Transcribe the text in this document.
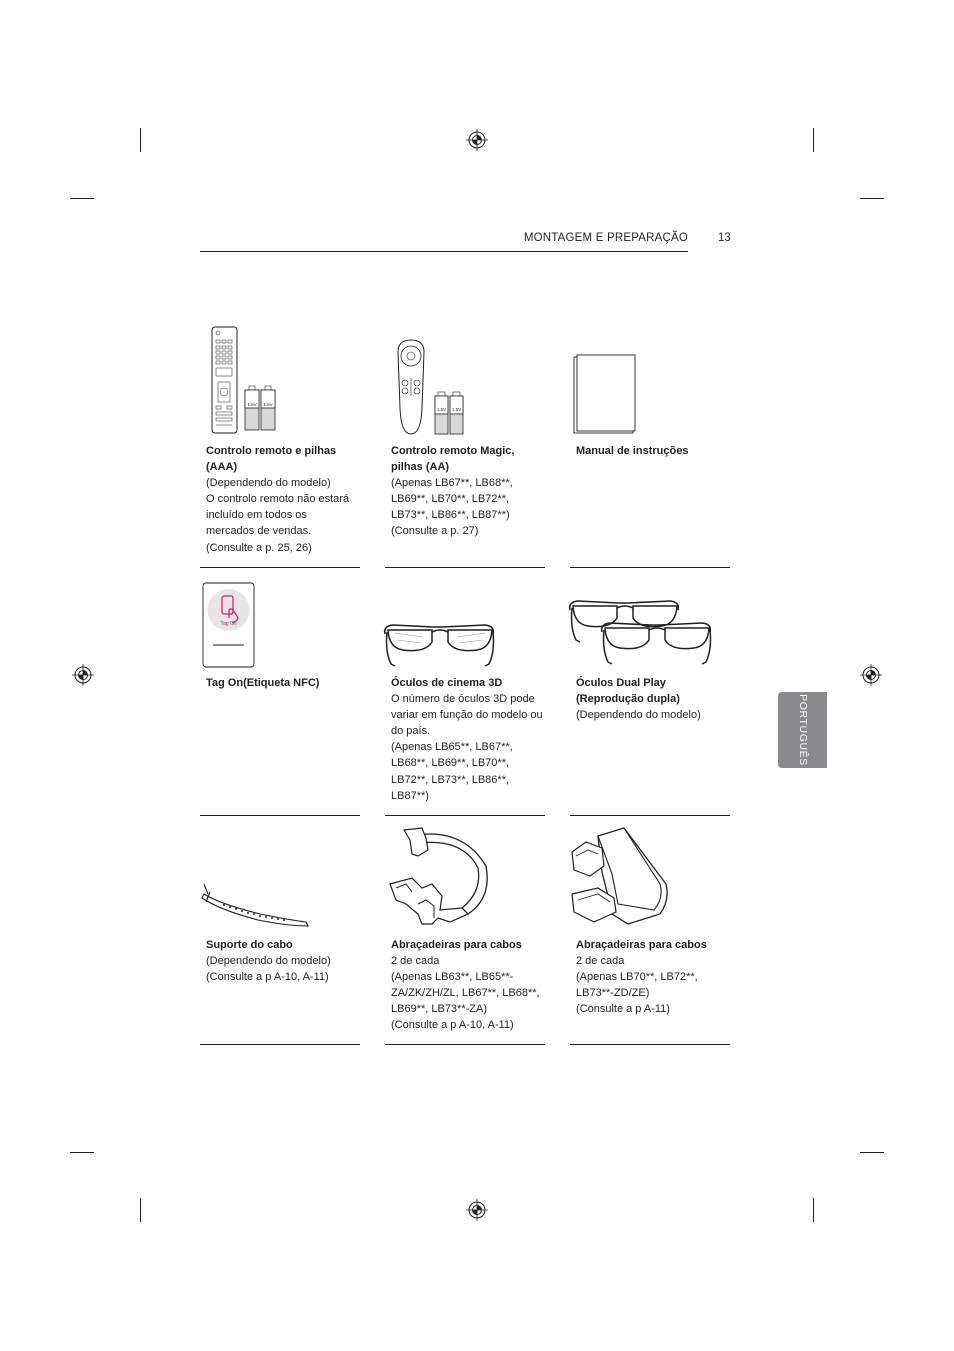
MONTAGEM E PREPARAÇÃO	13
PORTUGUÊS
1.5V 1.5V
Controlo remoto e pilhas (AAA)
(Dependendo do modelo)
O controlo remoto não estará incluído em todos os mercados de vendas.
(Consulte a p. 25, 26)
1.5V 1.5V
Controlo remoto Magic, pilhas (AA)
(Apenas LB67**, LB68**, LB69**, LB70**, LB72**, LB73**, LB86**, LB87**)
(Consulte a p. 27)
Manual de instruções
Tag On
Tag On(Etiqueta NFC)	Óculos de cinema 3D
O número de óculos 3D pode variar em função do modelo ou do país.
(Apenas LB65**, LB67**, LB68**, LB69**, LB70**, LB72**, LB73**, LB86**, LB87**)
Óculos Dual Play (Reprodução dupla)
(Dependendo do modelo)
Suporte do cabo
(Dependendo do modelo)
(Consulte a p A-10, A-11)
Abraçadeiras para cabos
2 de cada
(Apenas LB63**, LB65**-ZA/ZK/ZH/ZL, LB67**, LB68**, LB69**, LB73**-ZA)
(Consulte a p A-10, A-11)
Abraçadeiras para cabos
2 de cada
(Apenas LB70**, LB72**, LB73**-ZD/ZE)
(Consulte a p A-11)
